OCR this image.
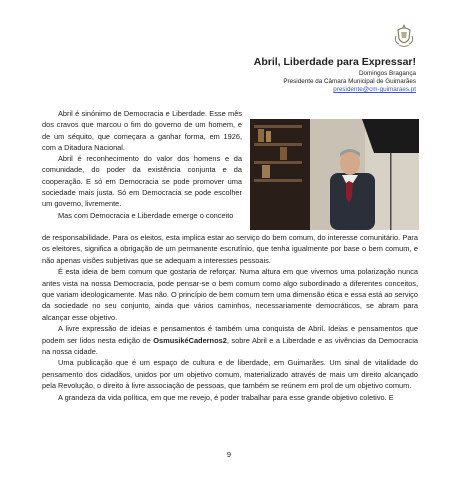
Abril, Liberdade para Expressar!
Domingos Bragança
Presidente da Câmara Municipal de Guimarães
presidente@cm-guimaraes.pt

Abril é sinónimo de Democracia e Liberdade. Esse mês dos cravos que marcou o fim do governo de um homem, e de um séquito, que começara a ganhar forma, em 1926, com a Ditadura Nacional.

Abril é reconhecimento do valor dos homens e da comunidade, do poder da existência conjunta e da cooperação. E só em Democracia se pode promover uma sociedade mais justa. Só em Democracia se pode escolher um governo, livremente.

Mas com Democracia e Liberdade emerge o conceito

de responsabilidade. Para os eleitos, esta implica estar ao serviço do bem comum, do interesse comunitário. Para os eleitores, significa a obrigação de um permanente escrutínio, que tenha igualmente por base o bem comum, e não apenas visões subjetivas que se adequam a interesses pessoais.

É esta ideia de bem comum que gostaria de reforçar. Numa altura em que vivemos uma polarização nunca antes vista na nossa Democracia, pode pensar-se o bem comum como algo subordinado a diferentes conceitos, que variam ideologicamente. Mas não. O princípio de bem comum tem uma dimensão ética e essa está ao serviço da sociedade no seu conjunto, ainda que vários caminhos, necessariamente democráticos, se abram para alcançar esse objetivo.

A livre expressão de ideias e pensamentos é também uma conquista de Abril. Ideias e pensamentos que podem ser lidos nesta edição de OsmusikéCadernos2, sobre Abril e a Liberdade e as vivências da Democracia na nossa cidade.

Uma publicação que é um espaço de cultura e de liberdade, em Guimarães. Um sinal de vitalidade do pensamento dos cidadãos, unidos por um objetivo comum, materializado através de mais um direito alcançado pela Revolução, o direito à livre associação de pessoas, que também se reúnem em prol de um objetivo comum.

A grandeza da vida política, em que me revejo, é poder trabalhar para esse grande objetivo coletivo. E

9
